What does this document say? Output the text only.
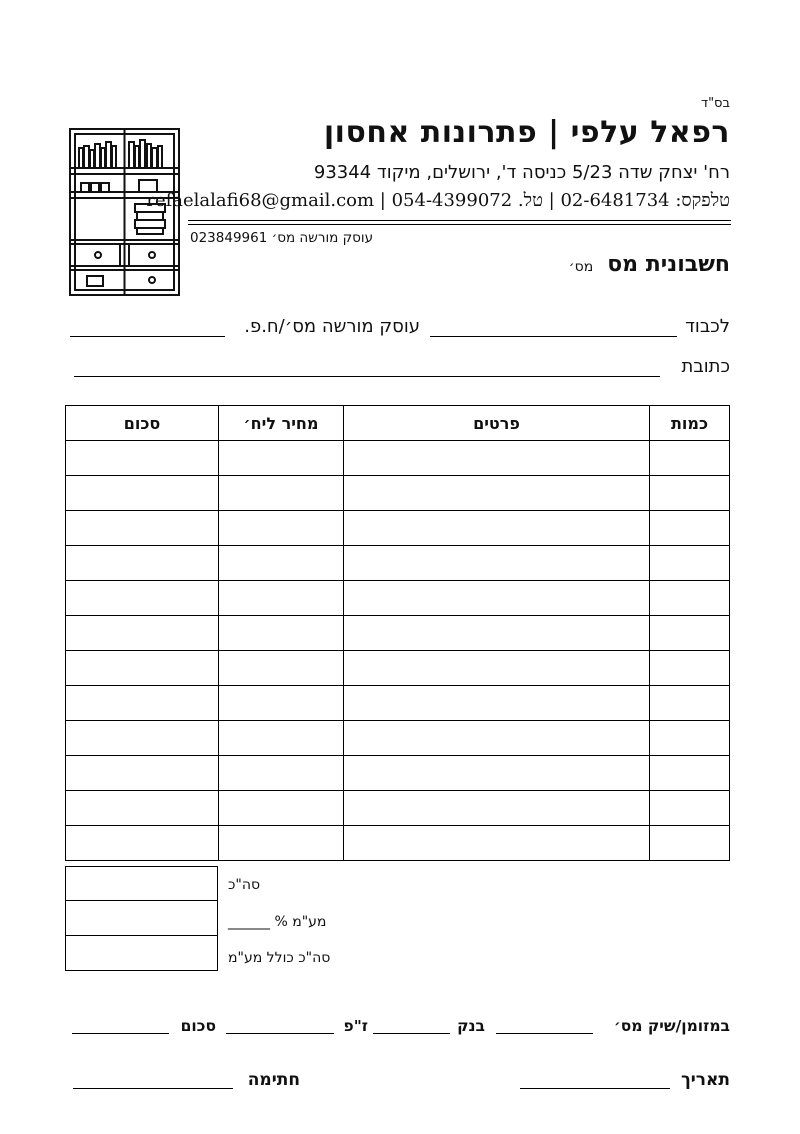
בס"ד
רפאל עלפי | פתרונות אחסון
רח' יצחק שדה 5/23 כניסה ד', ירושלים, מיקוד 93344
טלפקס: 02-6481734 | טל. 054-4399072 | refaelalafi68@gmail.com
עוסק מורשה מס׳ 023849961
חשבונית מסמס׳
לכבוד
עוסק מורשה מס׳/ח.פ.
כתובת
סכום	מחיר ליח׳	פרטים	כמות

סה"כ
מע"מ % ______
סה"כ כולל מע"מ
במזומן/שיק מס׳
בנק
ז"פ
סכום
תאריך
חתימה
